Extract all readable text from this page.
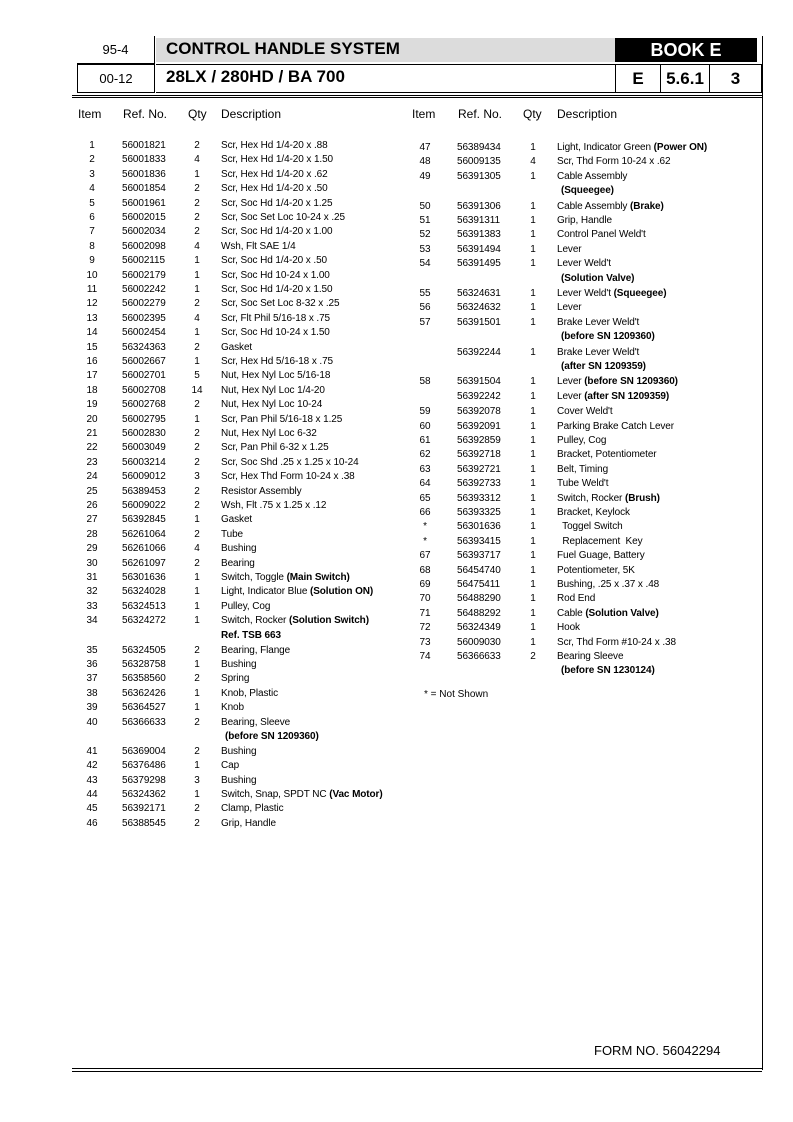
95-4
00-12
CONTROL HANDLE SYSTEM
28LX / 280HD / BA 700
BOOK E
E	5.6.1	3
Item Ref. No. Qty Description	Item Ref. No. Qty Description
1	56001821	2	Scr, Hex Hd 1/4-20 x .88
2	56001833	4	Scr, Hex Hd 1/4-20 x 1.50
3	56001836	1	Scr, Hex Hd 1/4-20 x .62
4	56001854	2	Scr, Hex Hd 1/4-20 x .50
5	56001961	2	Scr, Soc Hd 1/4-20 x 1.25
6	56002015	2	Scr, Soc Set Loc 10-24 x .25
7	56002034	2	Scr, Soc Hd 1/4-20 x 1.00
8	56002098	4	Wsh, Flt SAE 1/4
9	56002115	1	Scr, Soc Hd 1/4-20 x .50
10	56002179	1	Scr, Soc Hd 10-24 x 1.00
11	56002242	1	Scr, Soc Hd 1/4-20 x 1.50
12	56002279	2	Scr, Soc Set Loc 8-32 x .25
13	56002395	4	Scr, Flt Phil 5/16-18 x .75
14	56002454	1	Scr, Soc Hd 10-24 x 1.50
15	56324363	2	Gasket
16	56002667	1	Scr, Hex Hd 5/16-18 x .75
17	56002701	5	Nut, Hex Nyl Loc 5/16-18
18	56002708	14	Nut, Hex Nyl Loc 1/4-20
19	56002768	2	Nut, Hex Nyl Loc 10-24
20	56002795	1	Scr, Pan Phil 5/16-18 x 1.25
21	56002830	2	Nut, Hex Nyl Loc 6-32
22	56003049	2	Scr, Pan Phil 6-32 x 1.25
23	56003214	2	Scr, Soc Shd .25 x 1.25 x 10-24
24	56009012	3	Scr, Hex Thd Form 10-24 x .38
25	56389453	2	Resistor Assembly
26	56009022	2	Wsh, Flt .75 x 1.25 x .12
27	56392845	1	Gasket
28	56261064	2	Tube
29	56261066	4	Bushing
30	56261097	2	Bearing
31	56301636	1	Switch, Toggle (Main Switch)
32	56324028	1	Light, Indicator Blue (Solution ON)
33	56324513	1	Pulley, Cog
34	56324272	1	Switch, Rocker (Solution Switch)
Ref. TSB 663
35	56324505	2	Bearing, Flange
36	56328758	1	Bushing
37	56358560	2	Spring
38	56362426	1	Knob, Plastic
39	56364527	1	Knob
40	56366633	2	Bearing, Sleeve
(before SN 1209360)
41	56369004	2	Bushing
42	56376486	1	Cap
43	56379298	3	Bushing
44	56324362	1	Switch, Snap, SPDT NC (Vac Motor)
45	56392171	2	Clamp, Plastic
46	56388545	2	Grip, Handle
47	56389434	1	Light, Indicator Green (Power ON)
48	56009135	4	Scr, Thd Form 10-24 x .62
49	56391305	1	Cable Assembly
(Squeegee)
50	56391306	1	Cable Assembly (Brake)
51	56391311	1	Grip, Handle
52	56391383	1	Control Panel Weld't
53	56391494	1	Lever
54	56391495	1	Lever Weld't
(Solution Valve)
55	56324631	1	Lever Weld't (Squeegee)
56	56324632	1	Lever
57	56391501	1	Brake Lever Weld't
(before SN 1209360)
56392244	1	Brake Lever Weld't
(after SN 1209359)
58	56391504	1	Lever (before SN 1209360)
56392242	1	Lever (after SN 1209359)
59	56392078	1	Cover Weld't
60	56392091	1	Parking Brake Catch Lever
61	56392859	1	Pulley, Cog
62	56392718	1	Bracket, Potentiometer
63	56392721	1	Belt, Timing
64	56392733	1	Tube Weld't
65	56393312	1	Switch, Rocker (Brush)
66	56393325	1	Bracket, Keylock
*	56301636	1	Toggel Switch
*	56393415	1	Replacement  Key
67	56393717	1	Fuel Guage, Battery
68	56454740	1	Potentiometer, 5K
69	56475411	1	Bushing, .25 x .37 x .48
70	56488290	1	Rod End
71	56488292	1	Cable (Solution Valve)
72	56324349	1	Hook
73	56009030	1	Scr, Thd Form #10-24 x .38
74	56366633	2	Bearing Sleeve
(before SN 1230124)
* = Not Shown
FORM NO. 56042294
